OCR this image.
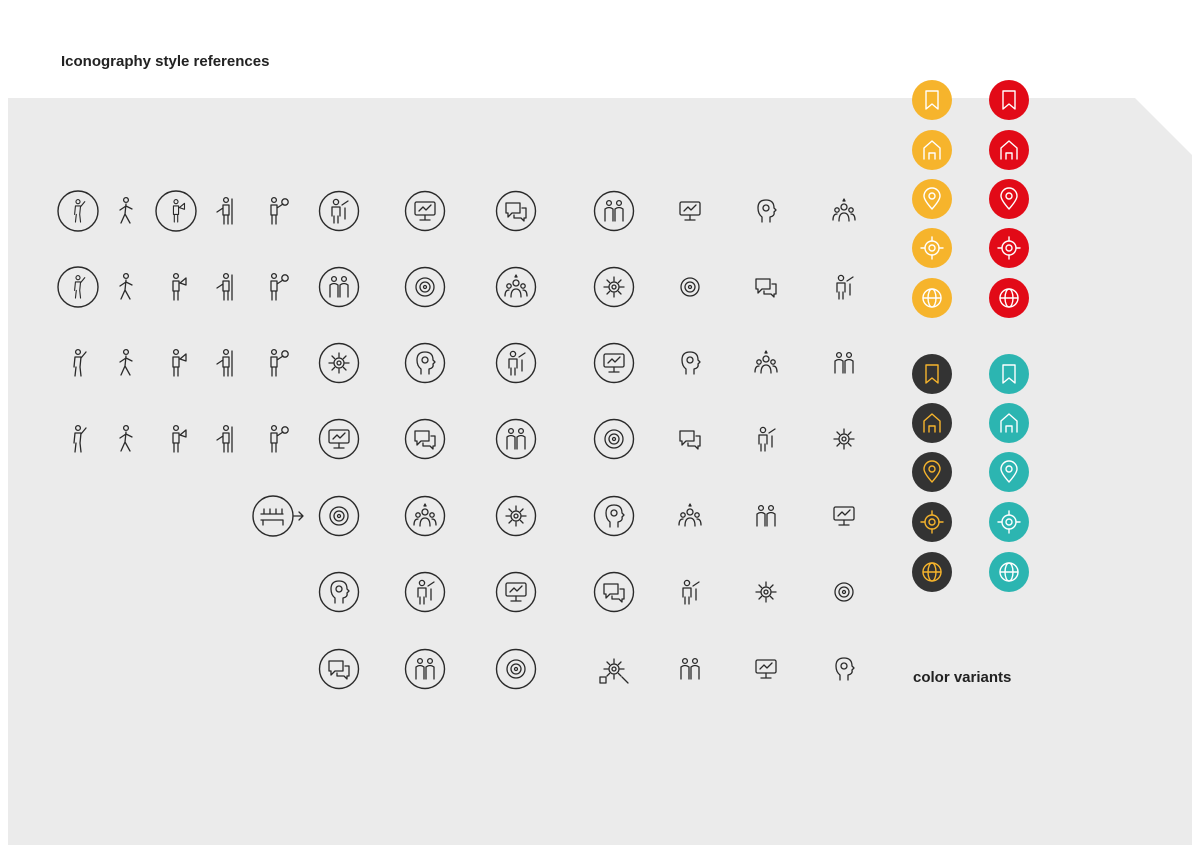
Iconography style references
color variants
